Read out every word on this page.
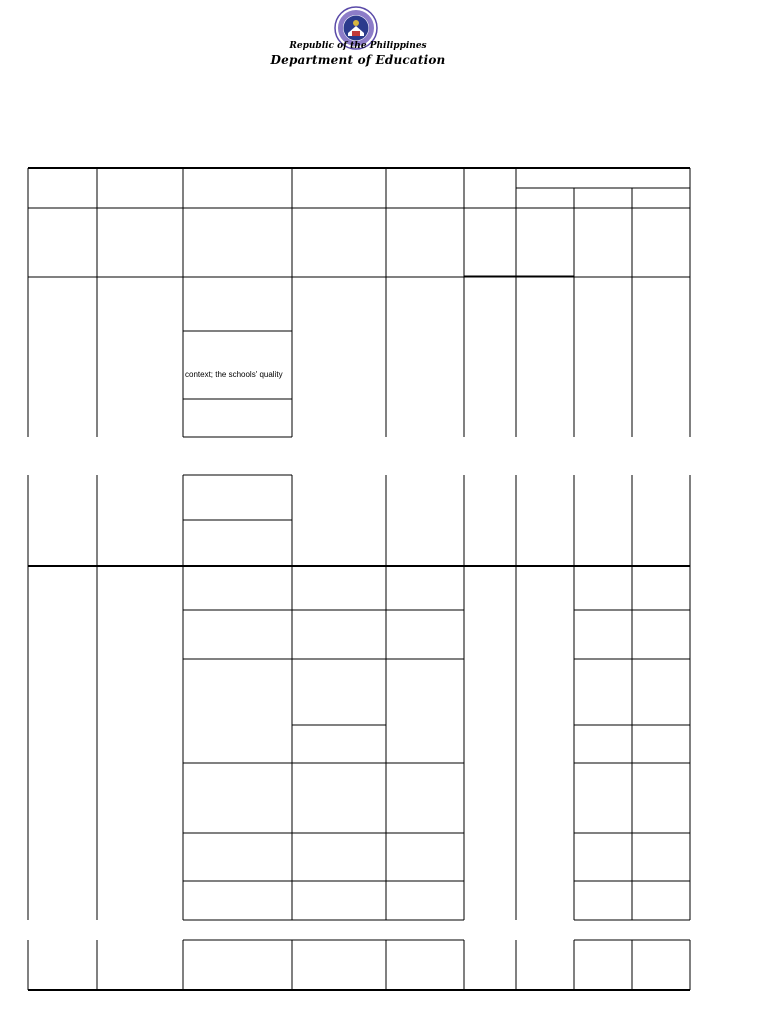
Republic of the Philippines
Department of Education
context; the schools' quality
